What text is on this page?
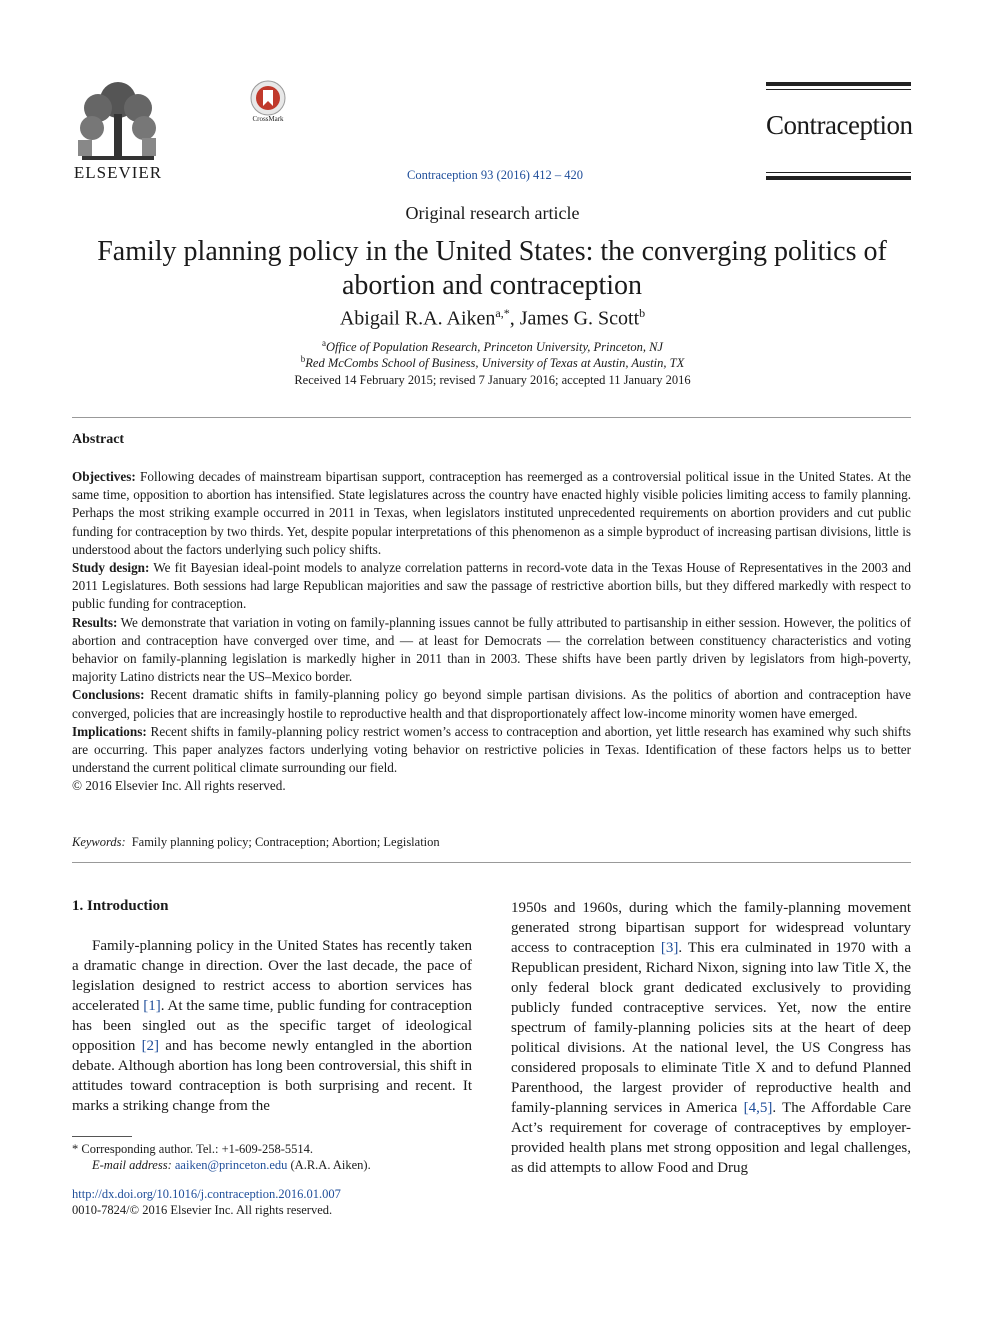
ELSEVIER
CrossMark
Contraception 93 (2016) 412 – 420
Contraception
Original research article
Family planning policy in the United States: the converging politics of abortion and contraception
Abigail R.A. Aiken$^{a,*}$, James G. Scott$^b$
$^a$Office of Population Research, Princeton University, Princeton, NJ
$^b$Red McCombs School of Business, University of Texas at Austin, Austin, TX
Received 14 February 2015; revised 7 January 2016; accepted 11 January 2016
Abstract

Objectives: Following decades of mainstream bipartisan support, contraception has reemerged as a controversial political issue in the United States. At the same time, opposition to abortion has intensified. State legislatures across the country have enacted highly visible policies limiting access to family planning. Perhaps the most striking example occurred in 2011 in Texas, when legislators instituted unprecedented requirements on abortion providers and cut public funding for contraception by two thirds. Yet, despite popular interpretations of this phenomenon as a simple byproduct of increasing partisan divisions, little is understood about the factors underlying such policy shifts.

Study design: We fit Bayesian ideal-point models to analyze correlation patterns in record-vote data in the Texas House of Representatives in the 2003 and 2011 Legislatures. Both sessions had large Republican majorities and saw the passage of restrictive abortion bills, but they differed markedly with respect to public funding for contraception.

Results: We demonstrate that variation in voting on family-planning issues cannot be fully attributed to partisanship in either session. However, the politics of abortion and contraception have converged over time, and — at least for Democrats — the correlation between constituency characteristics and voting behavior on family-planning legislation is markedly higher in 2011 than in 2003. These shifts have been partly driven by legislators from high-poverty, majority Latino districts near the US–Mexico border.

Conclusions: Recent dramatic shifts in family-planning policy go beyond simple partisan divisions. As the politics of abortion and contraception have converged, policies that are increasingly hostile to reproductive health and that disproportionately affect low-income minority women have emerged.

Implications: Recent shifts in family-planning policy restrict women’s access to contraception and abortion, yet little research has examined why such shifts are occurring. This paper analyzes factors underlying voting behavior on restrictive policies in Texas. Identification of these factors helps us to better understand the current political climate surrounding our field.

© 2016 Elsevier Inc. All rights reserved.

Keywords: Family planning policy; Contraception; Abortion; Legislation
1. Introduction

Family-planning policy in the United States has recently taken a dramatic change in direction. Over the last decade, the pace of legislation designed to restrict access to abortion services has accelerated [1]. At the same time, public funding for contraception has been singled out as the specific target of ideological opposition [2] and has become newly entangled in the abortion debate. Although abortion has long been controversial, this shift in attitudes toward contraception is both surprising and recent. It marks a striking change from the

1950s and 1960s, during which the family-planning movement generated strong bipartisan support for widespread voluntary access to contraception [3]. This era culminated in 1970 with a Republican president, Richard Nixon, signing into law Title X, the only federal block grant dedicated exclusively to providing publicly funded contraceptive services. Yet, now the entire spectrum of family-planning policies sits at the heart of deep political divisions. At the national level, the US Congress has considered proposals to eliminate Title X and to defund Planned Parenthood, the largest provider of reproductive health and family-planning services in America [4,5]. The Affordable Care Act’s requirement for coverage of contraceptives by employer-provided health plans met strong opposition and legal challenges, as did attempts to allow Food and Drug

* Corresponding author. Tel.: +1-609-258-5514.
E-mail address: aaiken@princeton.edu (A.R.A. Aiken).
http://dx.doi.org/10.1016/j.contraception.2016.01.007
0010-7824/© 2016 Elsevier Inc. All rights reserved.
